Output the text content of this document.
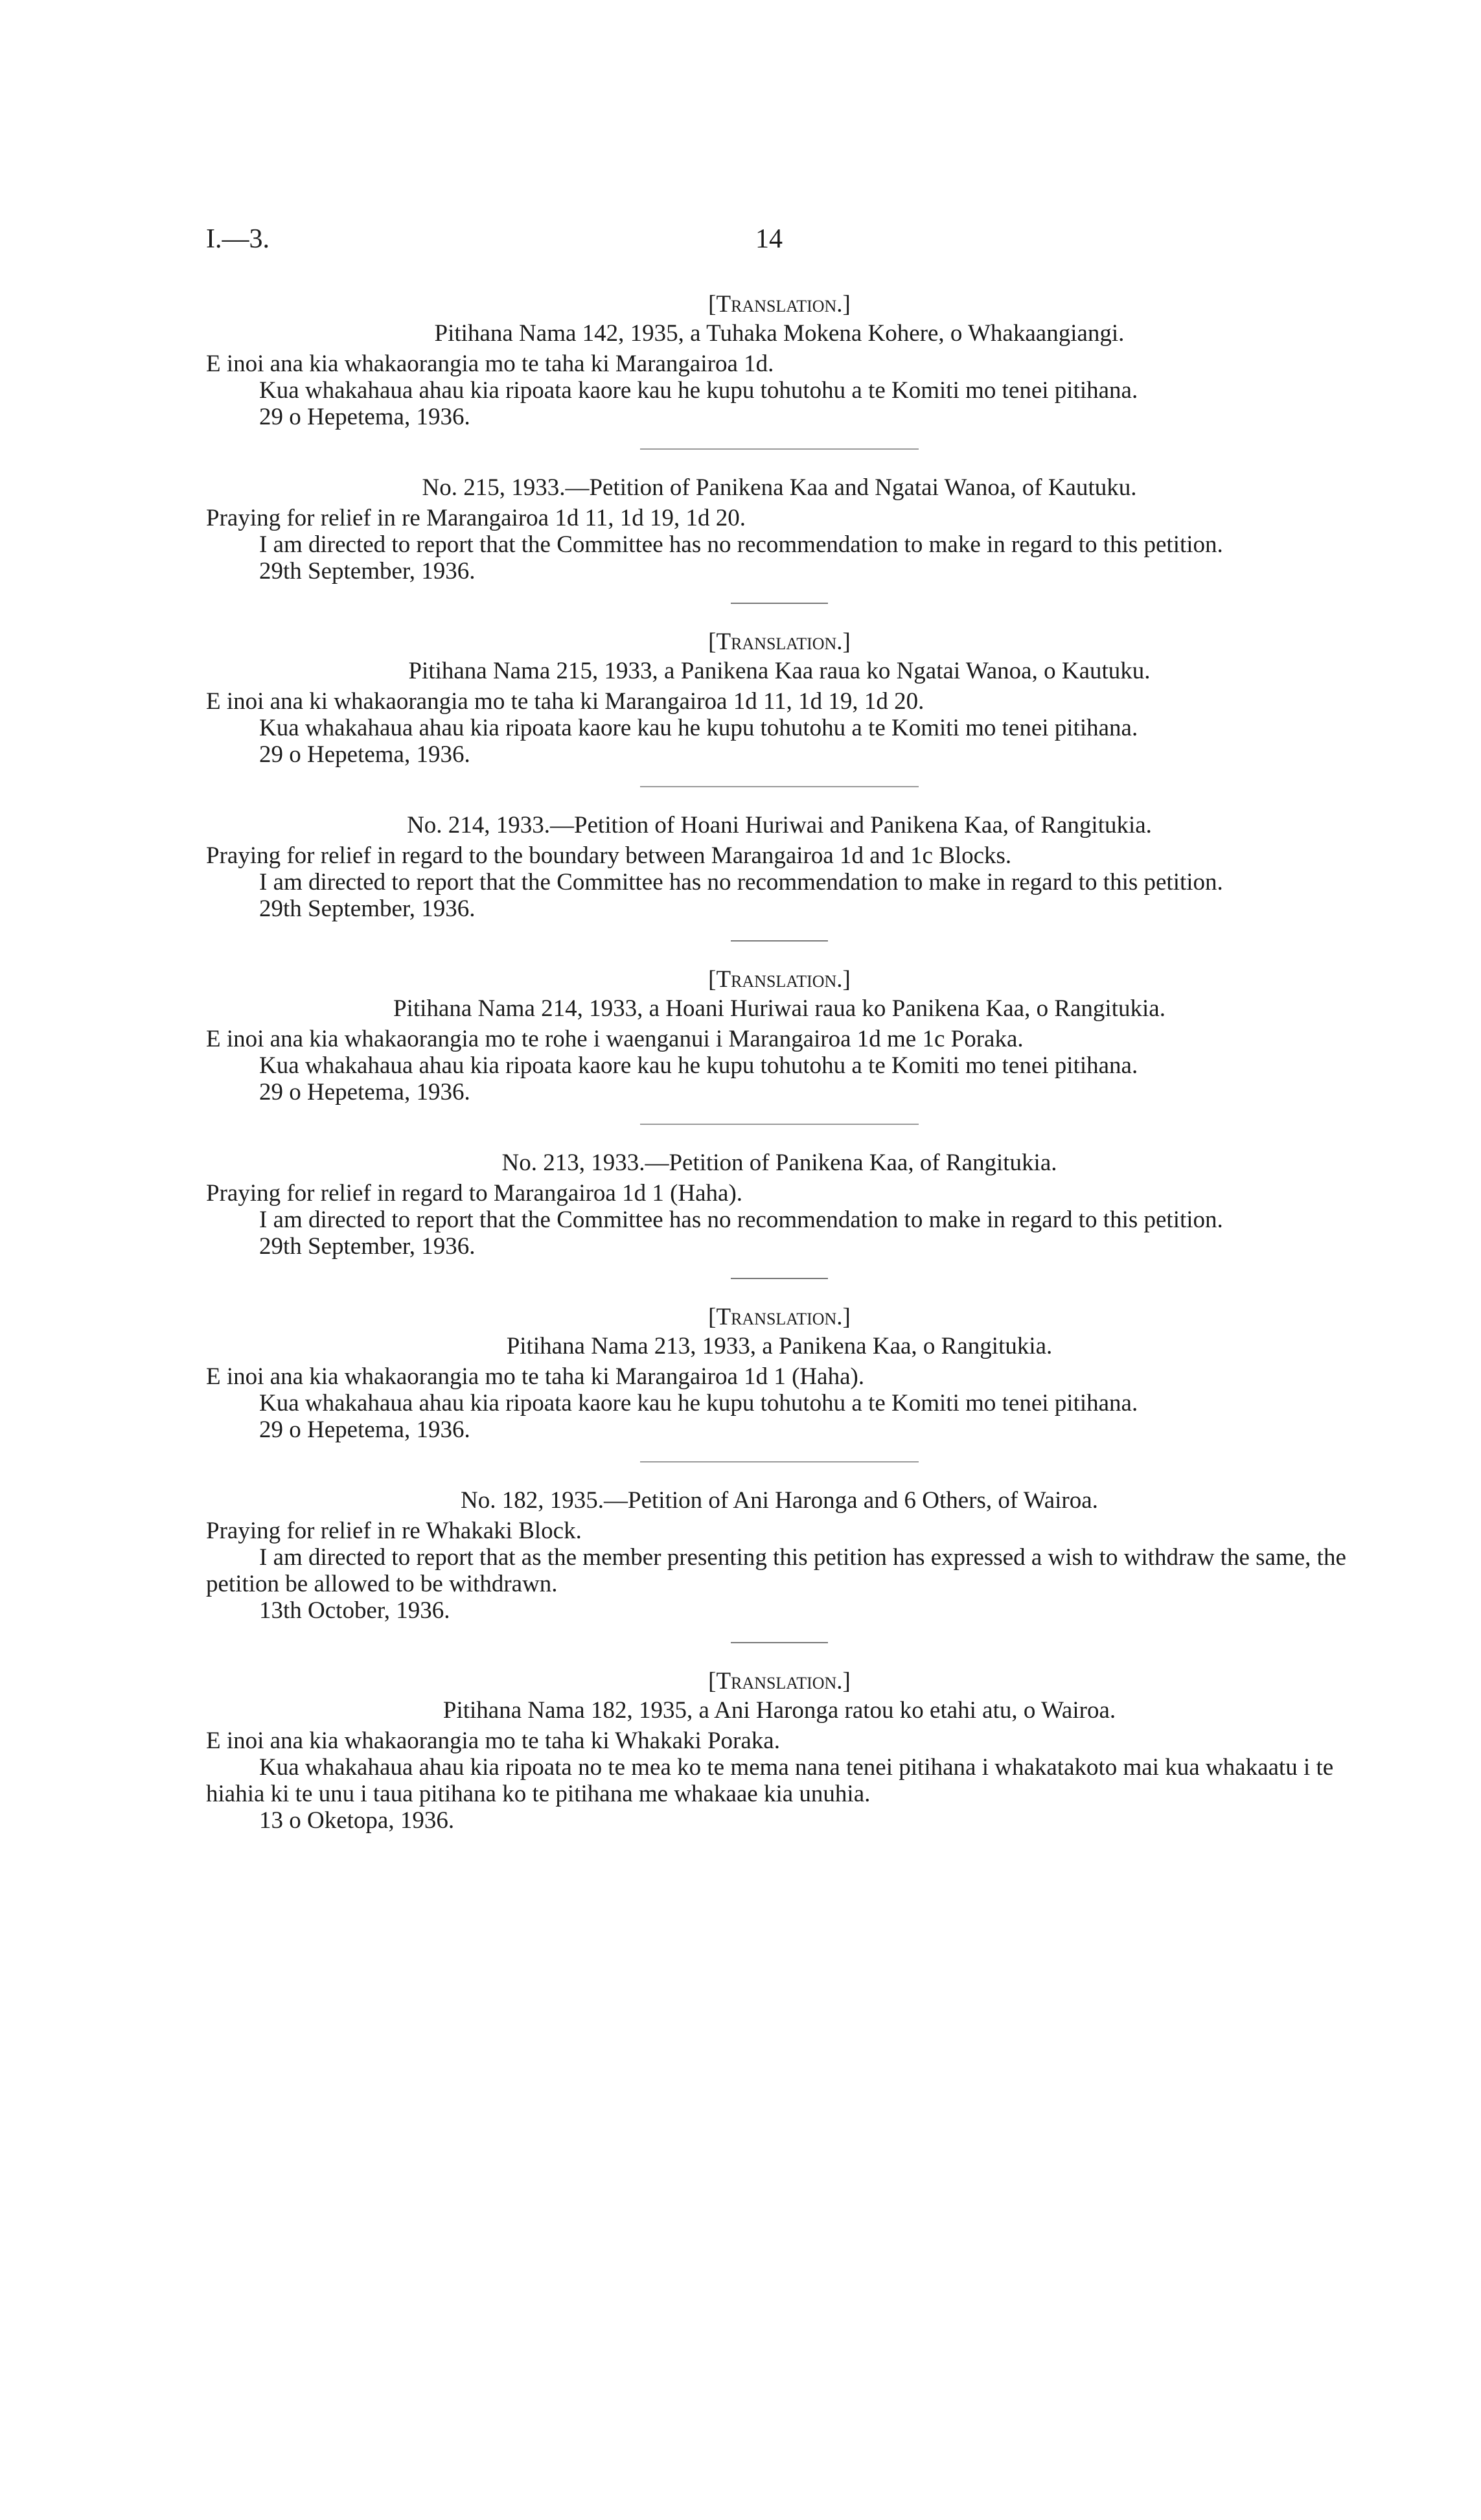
I.—3.	14
[Translation.]

Pitihana Nama 142, 1935, a Tuhaka Mokena Kohere, o Whakaangiangi.

E inoi ana kia whakaorangia mo te taha ki Marangairoa 1d.

Kua whakahaua ahau kia ripoata kaore kau he kupu tohutohu a te Komiti mo tenei pitihana.

29 o Hepetema, 1936.

No. 215, 1933.—Petition of Panikena Kaa and Ngatai Wanoa, of Kautuku.

Praying for relief in re Marangairoa 1d 11, 1d 19, 1d 20.

I am directed to report that the Committee has no recommendation to make in regard to this petition.

29th September, 1936.

[Translation.]

Pitihana Nama 215, 1933, a Panikena Kaa raua ko Ngatai Wanoa, o Kautuku.

E inoi ana ki whakaorangia mo te taha ki Marangairoa 1d 11, 1d 19, 1d 20.

Kua whakahaua ahau kia ripoata kaore kau he kupu tohutohu a te Komiti mo tenei pitihana.

29 o Hepetema, 1936.

No. 214, 1933.—Petition of Hoani Huriwai and Panikena Kaa, of Rangitukia.

Praying for relief in regard to the boundary between Marangairoa 1d and 1c Blocks.

I am directed to report that the Committee has no recommendation to make in regard to this petition.

29th September, 1936.

[Translation.]

Pitihana Nama 214, 1933, a Hoani Huriwai raua ko Panikena Kaa, o Rangitukia.

E inoi ana kia whakaorangia mo te rohe i waenganui i Marangairoa 1d me 1c Poraka.

Kua whakahaua ahau kia ripoata kaore kau he kupu tohutohu a te Komiti mo tenei pitihana.

29 o Hepetema, 1936.

No. 213, 1933.—Petition of Panikena Kaa, of Rangitukia.

Praying for relief in regard to Marangairoa 1d 1 (Haha).

I am directed to report that the Committee has no recommendation to make in regard to this petition.

29th September, 1936.

[Translation.]

Pitihana Nama 213, 1933, a Panikena Kaa, o Rangitukia.

E inoi ana kia whakaorangia mo te taha ki Marangairoa 1d 1 (Haha).

Kua whakahaua ahau kia ripoata kaore kau he kupu tohutohu a te Komiti mo tenei pitihana.

29 o Hepetema, 1936.

No. 182, 1935.—Petition of Ani Haronga and 6 Others, of Wairoa.

Praying for relief in re Whakaki Block.

I am directed to report that as the member presenting this petition has expressed a wish to withdraw the same, the petition be allowed to be withdrawn.

13th October, 1936.

[Translation.]

Pitihana Nama 182, 1935, a Ani Haronga ratou ko etahi atu, o Wairoa.

E inoi ana kia whakaorangia mo te taha ki Whakaki Poraka.

Kua whakahaua ahau kia ripoata no te mea ko te mema nana tenei pitihana i whakatakoto mai kua whakaatu i te hiahia ki te unu i taua pitihana ko te pitihana me whakaae kia unuhia.

13 o Oketopa, 1936.
